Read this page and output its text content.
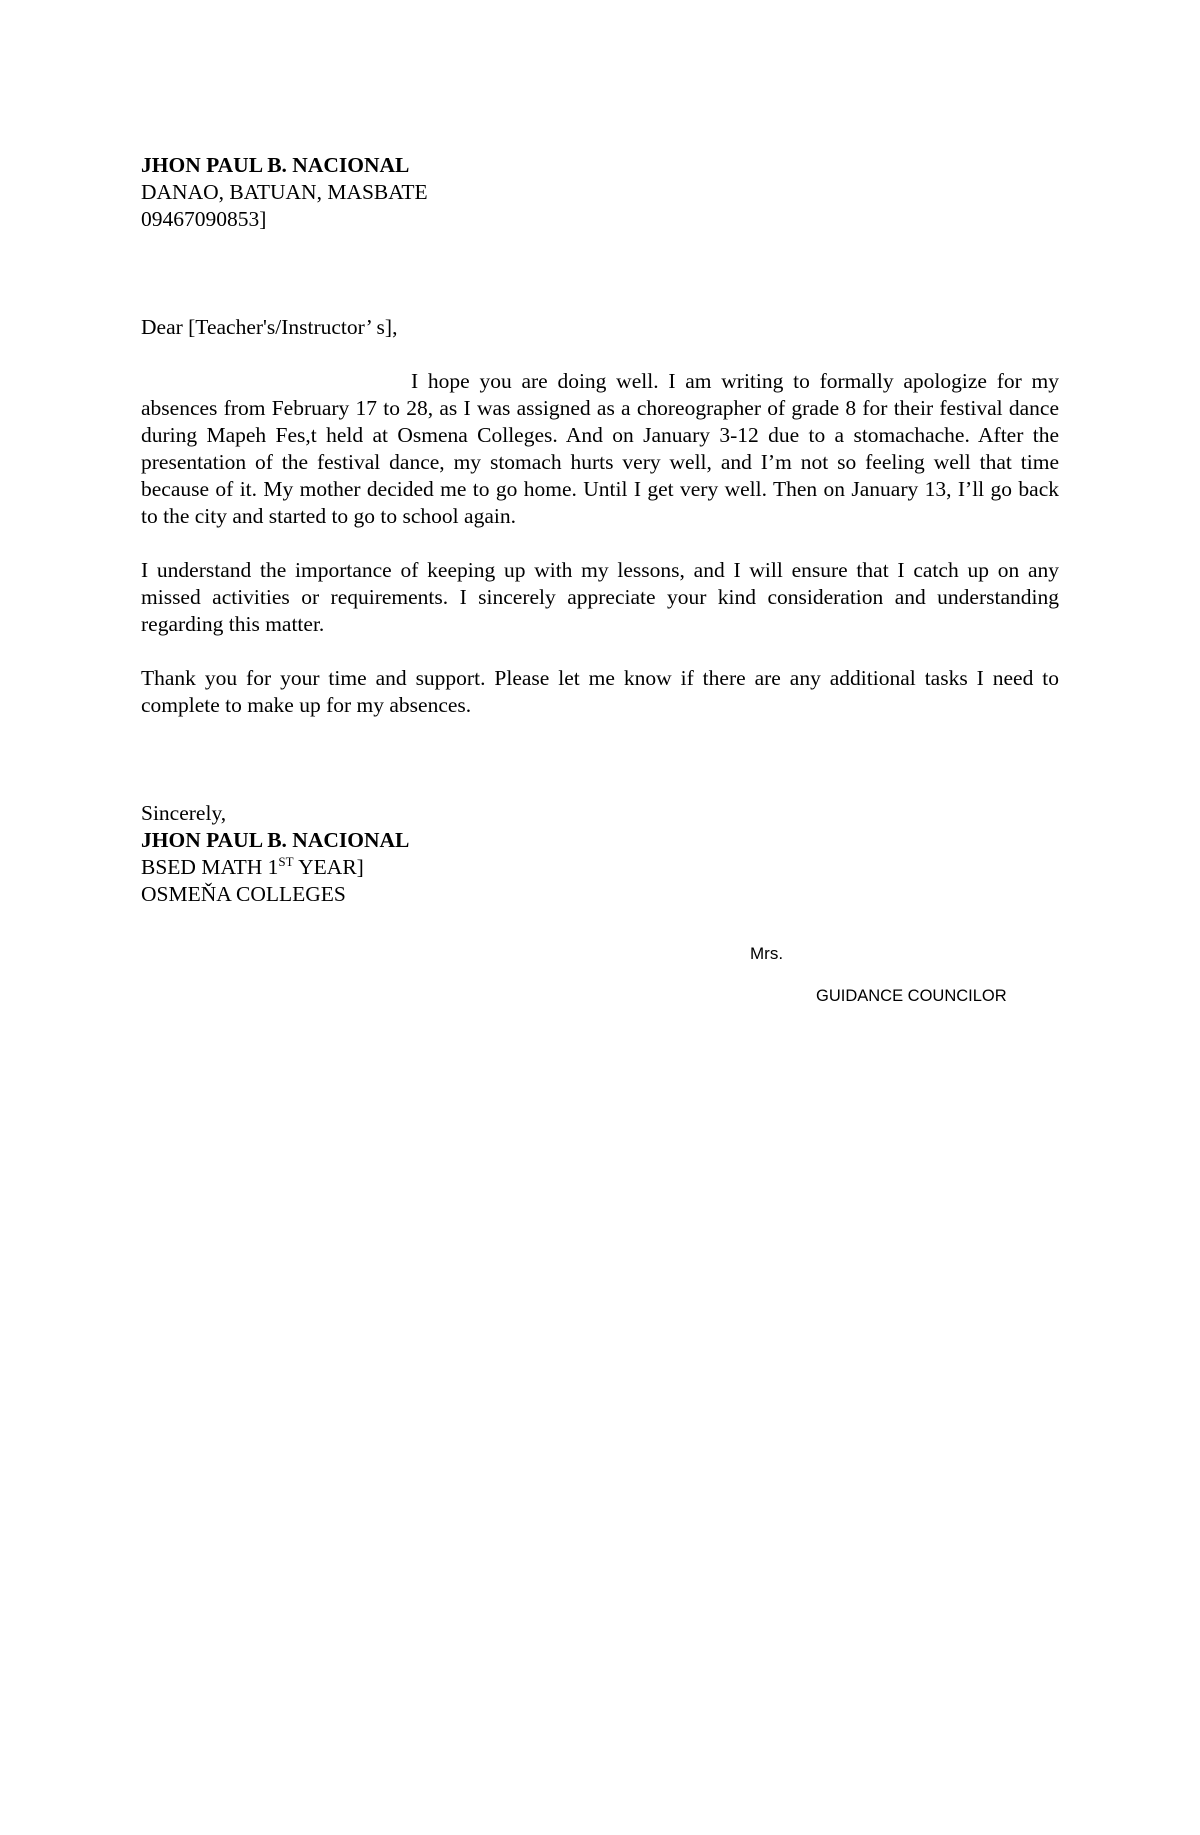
JHON PAUL B. NACIONAL
DANAO, BATUAN, MASBATE
09467090853]
Dear [Teacher's/Instructor’ s],

I hope you are doing well. I am writing to formally apologize for my absences from February 17 to 28, as I was assigned as a choreographer of grade 8 for their festival dance during Mapeh Fes,t held at Osmena Colleges. And on January 3-12 due to a stomachache. After the presentation of the festival dance, my stomach hurts very well, and I’m not so feeling well that time because of it. My mother decided me to go home. Until I get very well. Then on January 13, I’ll go back to the city and started to go to school again.

I understand the importance of keeping up with my lessons, and I will ensure that I catch up on any missed activities or requirements. I sincerely appreciate your kind consideration and understanding regarding this matter.

Thank you for your time and support. Please let me know if there are any additional tasks I need to complete to make up for my absences.

Sincerely,
JHON PAUL B. NACIONAL
BSED MATH 1ST YEAR]
OSMEŇA COLLEGES
Mrs.
GUIDANCE COUNCILOR
